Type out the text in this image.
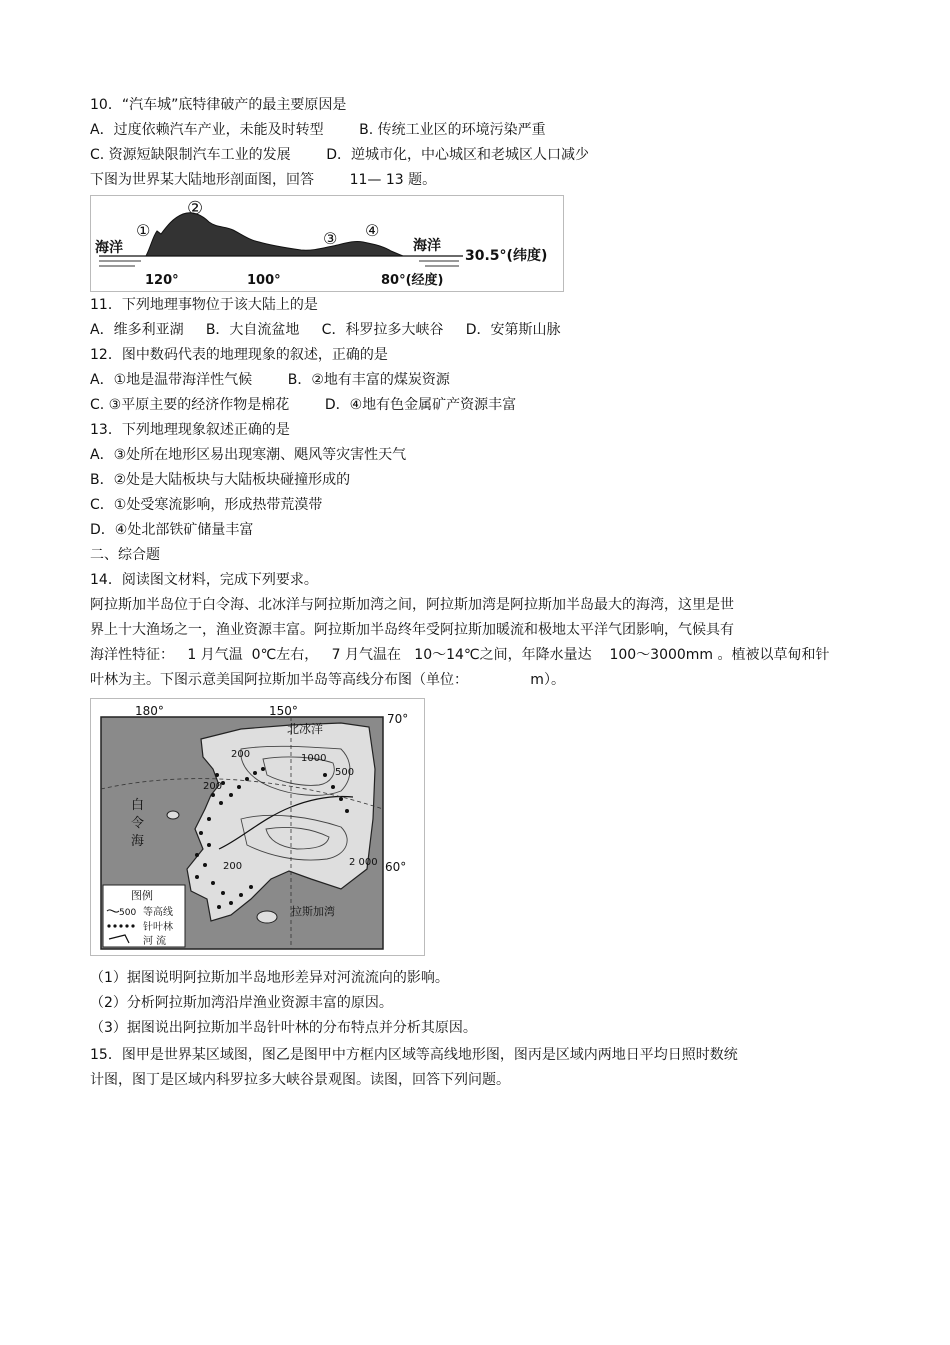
10．“汽车城”底特律破产的最主要原因是
A．过度依赖汽车产业，未能及时转型        B. 传统工业区的环境污染严重
C. 资源短缺限制汽车工业的发展        D．逆城市化，中心城区和老城区人口减少
下图为世界某大陆地形剖面图，回答        11— 13 题。
①
②
③ ④
海洋	海洋
30.5°(纬度)
120°	100°	80°(经度)
11．下列地理事物位于该大陆上的是
A．维多利亚湖     B．大自流盆地     C．科罗拉多大峡谷     D．安第斯山脉
12．图中数码代表的地理现象的叙述，正确的是
A．①地是温带海洋性气候        B．②地有丰富的煤炭资源
C. ③平原主要的经济作物是棉花        D．④地有色金属矿产资源丰富
13．下列地理现象叙述正确的是
A．③处所在地形区易出现寒潮、飓风等灾害性天气
B．②处是大陆板块与大陆板块碰撞形成的
C．①处受寒流影响，形成热带荒漠带
D．④处北部铁矿储量丰富
二、综合题
14．阅读图文材料，完成下列要求。
阿拉斯加半岛位于白令海、北冰洋与阿拉斯加湾之间，阿拉斯加湾是阿拉斯加半岛最大的海湾，这里是世
界上十大渔场之一，渔业资源丰富。阿拉斯加半岛终年受阿拉斯加暖流和极地太平洋气团影响，气候具有
海洋性特征：   1 月气温  0℃左右，   7 月气温在   10～14℃之间，年降水量达    100～3000mm 。植被以草甸和针
叶林为主。下图示意美国阿拉斯加半岛等高线分布图（单位：              m）。
180°	150°
70°
60°
北冰洋
白
令
海
拉斯加湾
200
200
200
1000
500
2 000
图例
500 等高线
针叶林
河 流
（1）据图说明阿拉斯加半岛地形差异对河流流向的影响。
（2）分析阿拉斯加湾沿岸渔业资源丰富的原因。
（3）据图说出阿拉斯加半岛针叶林的分布特点并分析其原因。
15．图甲是世界某区域图，图乙是图甲中方框内区域等高线地形图，图丙是区域内两地日平均日照时数统
计图，图丁是区域内科罗拉多大峡谷景观图。读图，回答下列问题。
